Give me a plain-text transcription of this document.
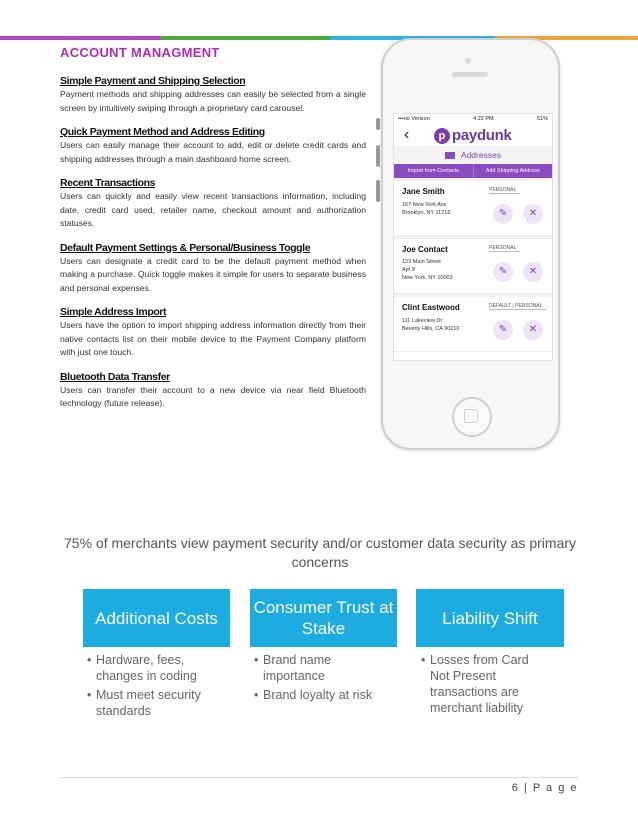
ACCOUNT MANAGMENT
Simple Payment and Shipping Selection

Payment methods and shipping addresses can easily be selected from a single screen by intuitively swiping through a proprietary card carousel.

Quick Payment Method and Address Editing

Users can easily manage their account to add, edit or delete credit cards and shipping addresses through a main dashboard home screen.

Recent Transactions

Users can quickly and easily view recent transactions information, including date, credit card used, retailer name, checkout amount and authorization statuses.

Default Payment Settings & Personal/Business Toggle

Users can designate a credit card to be the default payment method when making a purchase. Quick toggle makes it simple for users to separate business and personal expenses.

Simple Address Import

Users have the option to import shipping address information directly from their native contacts list on their mobile device to the Payment Company platform with just one touch.

Bluetooth Data Transfer

Users can transfer their account to a new device via near field Bluetooth technology (future release).

•••oo Verizon	4:22 PM	51%
‹	p paydunk
Addresses
Import from Contacts	Add Shipping Address
Jane Smith	PERSONAL
167 New York Ave
Brooklyn, NY 11216	✎	✕
Joe Contact	PERSONAL
123 Main Street
Apt 9
New York, NY 10003
✎	✕
Clint Eastwood	DEFAULT | PERSONAL
111 Lakeview Dr
Beverly Hills, CA 90210	✎	✕
75% of merchants view payment security and/or customer data security as primary concerns
Additional Costs
Consumer Trust at Stake
Liability Shift
• Hardware, fees, changes in coding
• Must meet security standards
• Brand name importance
• Brand loyalty at risk
• Losses from Card Not Present transactions are merchant liability
6 | P a g e
